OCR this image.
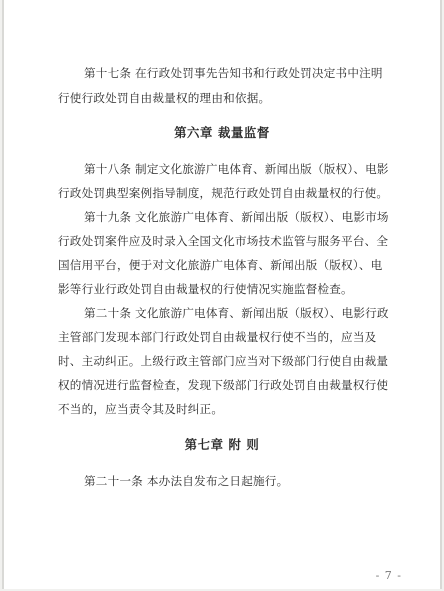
第十七条 在行政处罚事先告知书和行政处罚决定书中注明
行使行政处罚自由裁量权的理由和依据。
第六章 裁量监督
第十八条 制定文化旅游广电体育、新闻出版（版权）、电影
行政处罚典型案例指导制度，规范行政处罚自由裁量权的行使。
第十九条 文化旅游广电体育、新闻出版（版权）、电影市场
行政处罚案件应及时录入全国文化市场技术监管与服务平台、全
国信用平台，便于对文化旅游广电体育、新闻出版（版权）、电
影等行业行政处罚自由裁量权的行使情况实施监督检查。
第二十条 文化旅游广电体育、新闻出版（版权）、电影行政
主管部门发现本部门行政处罚自由裁量权行使不当的，应当及
时、主动纠正。上级行政主管部门应当对下级部门行使自由裁量
权的情况进行监督检查，发现下级部门行政处罚自由裁量权行使
不当的，应当责令其及时纠正。
第七章 附 则
第二十一条 本办法自发布之日起施行。
- 7 -
